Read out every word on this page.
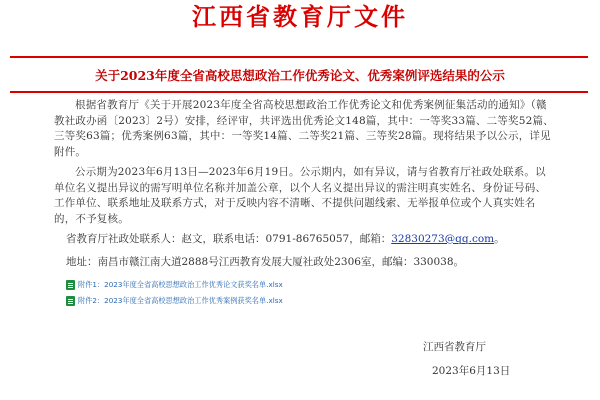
江西省教育厅文件
关于2023年度全省高校思想政治工作优秀论文、优秀案例评选结果的公示

根据省教育厅《关于开展2023年度全省高校思想政治工作优秀论文和优秀案例征集活动的通知》（赣教社政办函〔2023〕2号）安排，经评审，共评选出优秀论文148篇，其中：一等奖33篇、二等奖52篇、三等奖63篇；优秀案例63篇，其中：一等奖14篇、二等奖21篇、三等奖28篇。现将结果予以公示，详见附件。

公示期为2023年6月13日—2023年6月19日。公示期内，如有异议，请与省教育厅社政处联系。以单位名义提出异议的需写明单位名称并加盖公章，以个人名义提出异议的需注明真实姓名、身份证号码、工作单位、联系地址及联系方式，对于反映内容不清晰、不提供问题线索、无举报单位或个人真实姓名的，不予复核。

省教育厅社政处联系人：赵文，联系电话：0791-86765057，邮箱：32830273@qq.com。
地址：南昌市赣江南大道2888号江西教育发展大厦社政处2306室，邮编：330038。
附件1：2023年度全省高校思想政治工作优秀论文获奖名单.xlsx
附件2：2023年度全省高校思想政治工作优秀案例获奖名单.xlsx
江西省教育厅
2023年6月13日
